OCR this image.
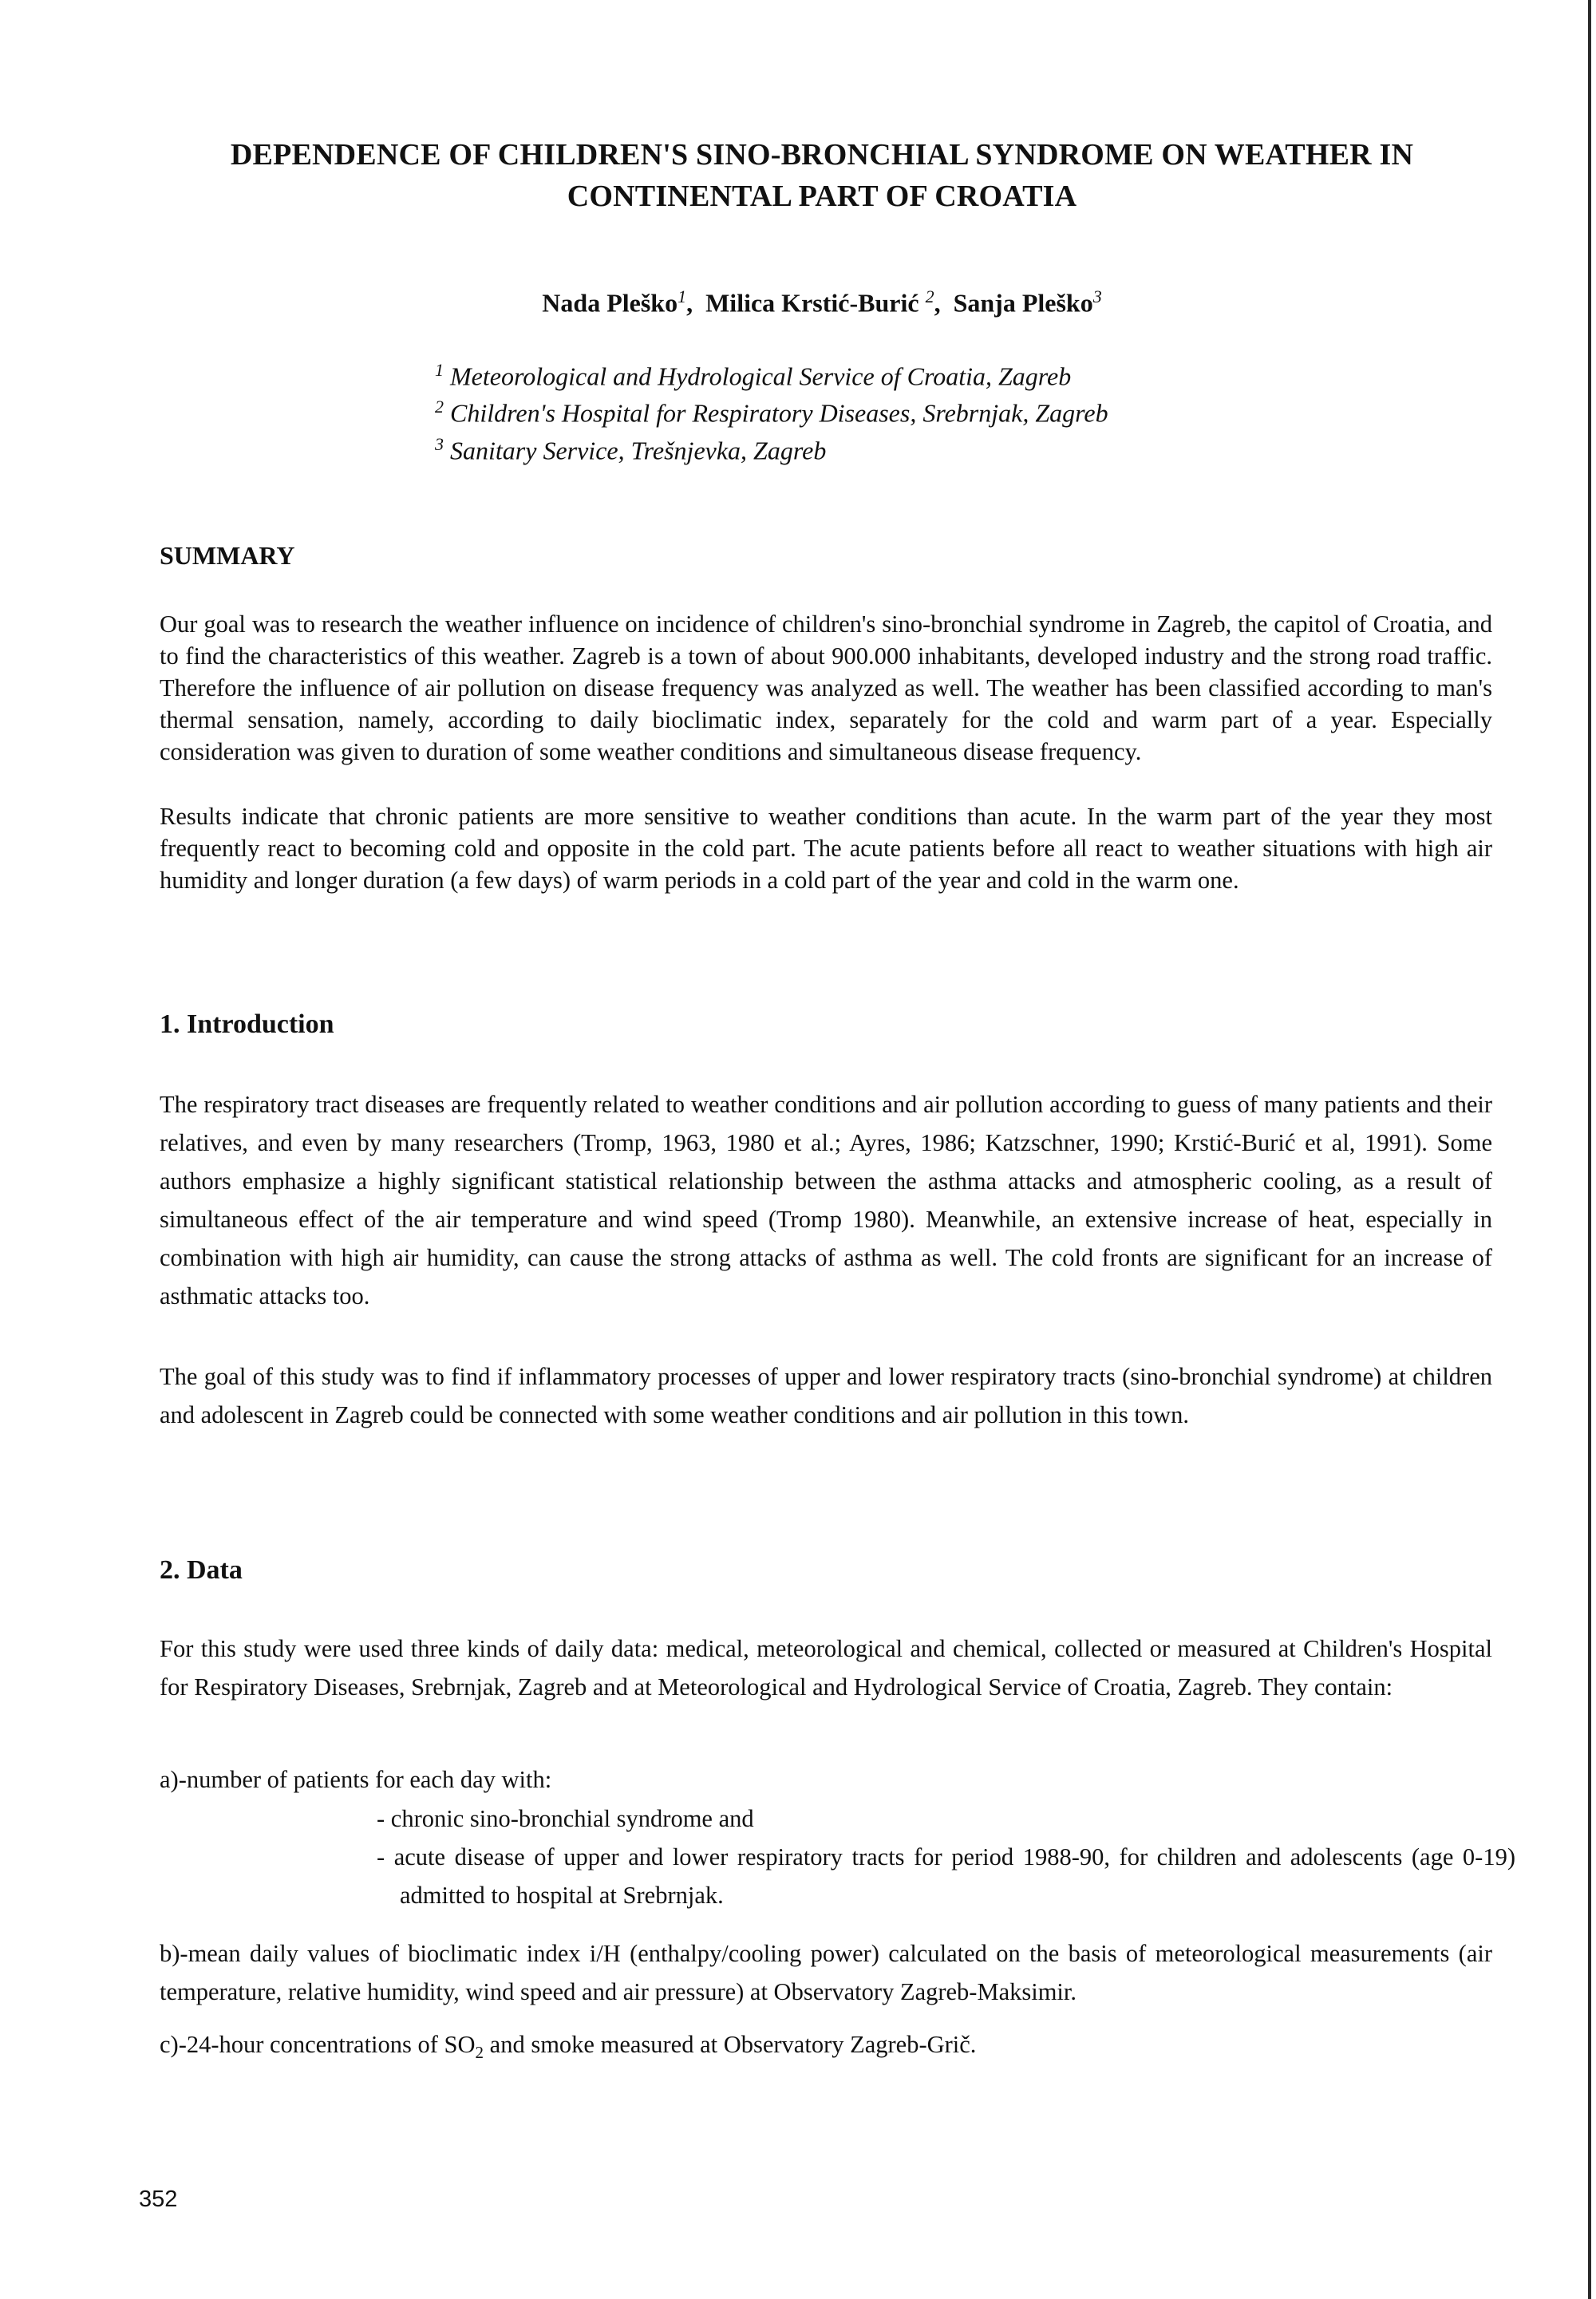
DEPENDENCE OF CHILDREN'S SINO-BRONCHIAL SYNDROME ON WEATHER IN
CONTINENTAL PART OF CROATIA
Nada Pleško$^1$,  Milica Krstić-Burić $^2$,  Sanja Pleško$^3$
$^1$ Meteorological and Hydrological Service of Croatia, Zagreb
$^2$ Children's Hospital for Respiratory Diseases, Srebrnjak, Zagreb
$^3$ Sanitary Service, Trešnjevka, Zagreb
SUMMARY

Our goal was to research the weather influence on incidence of children's sino-bronchial syndrome in Zagreb, the capitol of Croatia, and to find the characteristics of this weather. Zagreb is a town of about 900.000 inhabitants, developed industry and the strong road traffic. Therefore the influence of air pollution on disease frequency was analyzed as well. The weather has been classified according to man's thermal sensation, namely, according to daily bioclimatic index, separately for the cold and warm part of a year. Especially consideration was given to duration of some weather conditions and simultaneous disease frequency.

Results indicate that chronic patients are more sensitive to weather conditions than acute. In the warm part of the year they most frequently react to becoming cold and opposite in the cold part. The acute patients before all react to weather situations with high air humidity and longer duration (a few days) of warm periods in a cold part of the year and cold in the warm one.

1. Introduction

The respiratory tract diseases are frequently related to weather conditions and air pollution according to guess of many patients and their relatives, and even by many researchers (Tromp, 1963, 1980 et al.; Ayres, 1986; Katzschner, 1990; Krstić-Burić et al, 1991). Some authors emphasize a highly significant statistical relationship between the asthma attacks and atmospheric cooling, as a result of simultaneous effect of the air temperature and wind speed (Tromp 1980). Meanwhile, an extensive increase of heat, especially in combination with high air humidity, can cause the strong attacks of asthma as well. The cold fronts are significant for an increase of asthmatic attacks too.

The goal of this study was to find if inflammatory processes of upper and lower respiratory tracts (sino-bronchial syndrome) at children and adolescent in Zagreb could be connected with some weather conditions and air pollution in this town.

2. Data

For this study were used three kinds of daily data: medical, meteorological and chemical, collected or measured at Children's Hospital for Respiratory Diseases, Srebrnjak, Zagreb and at Meteorological and Hydrological Service of Croatia, Zagreb. They contain:

a)-number of patients for each day with:

- chronic sino-bronchial syndrome and

- acute disease of upper and lower respiratory tracts for period 1988-90, for children and adolescents (age 0-19) admitted to hospital at Srebrnjak.

b)-mean daily values of bioclimatic index i/H (enthalpy/cooling power) calculated on the basis of meteorological measurements (air temperature, relative humidity, wind speed and air pressure) at Observatory Zagreb-Maksimir.

c)-24-hour concentrations of $SO_2$ and smoke measured at Observatory Zagreb-Grič.

352
